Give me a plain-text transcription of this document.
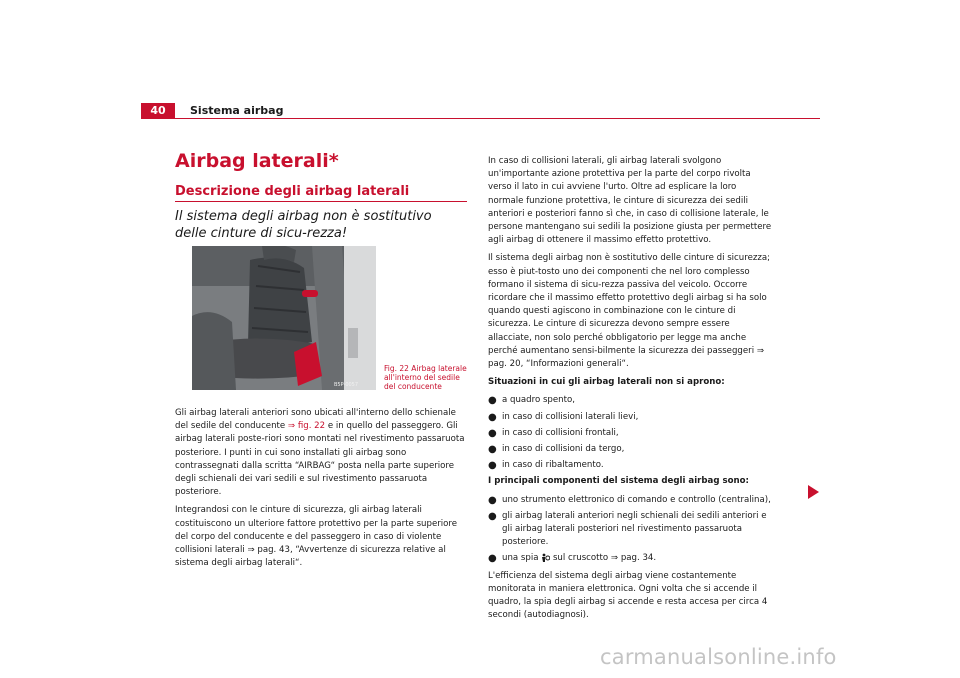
40	Sistema airbag
Airbag laterali*
Descrizione degli airbag laterali
Il sistema degli airbag non è sostitutivo delle cinture di sicu-rezza!
B5P-0057
Fig. 22 Airbag laterale all'interno del sedile del conducente

Gli airbag laterali anteriori sono ubicati all'interno dello schienale del sedile del conducente ⇒ fig. 22 e in quello del passeggero. Gli airbag laterali poste-riori sono montati nel rivestimento passaruota posteriore. I punti in cui sono installati gli airbag sono contrassegnati dalla scritta “AIRBAG“ posta nella parte superiore degli schienali dei vari sedili e sul rivestimento passaruota posteriore.

Integrandosi con le cinture di sicurezza, gli airbag laterali costituiscono un ulteriore fattore protettivo per la parte superiore del corpo del conducente e del passeggero in caso di violente collisioni laterali ⇒ pag. 43, “Avvertenze di sicurezza relative al sistema degli airbag laterali“.

In caso di collisioni laterali, gli airbag laterali svolgono un'importante azione protettiva per la parte del corpo rivolta verso il lato in cui avviene l'urto. Oltre ad esplicare la loro normale funzione protettiva, le cinture di sicurezza dei sedili anteriori e posteriori fanno sì che, in caso di collisione laterale, le persone mantengano sui sedili la posizione giusta per permettere agli airbag di ottenere il massimo effetto protettivo.

Il sistema degli airbag non è sostitutivo delle cinture di sicurezza; esso è piut-tosto uno dei componenti che nel loro complesso formano il sistema di sicu-rezza passiva del veicolo. Occorre ricordare che il massimo effetto protettivo degli airbag si ha solo quando questi agiscono in combinazione con le cinture di sicurezza. Le cinture di sicurezza devono sempre essere allacciate, non solo perché obbligatorio per legge ma anche perché aumentano sensi-bilmente la sicurezza dei passeggeri ⇒ pag. 20, “Informazioni generali“.

Situazioni in cui gli airbag laterali non si aprono:

● a quadro spento,
● in caso di collisioni laterali lievi,
● in caso di collisioni frontali,
● in caso di collisioni da tergo,
● in caso di ribaltamento.

I principali componenti del sistema degli airbag sono:

● uno strumento elettronico di comando e controllo (centralina),
● gli airbag laterali anteriori negli schienali dei sedili anteriori e gli airbag laterali posteriori nel rivestimento passaruota posteriore.
● una spia  sul cruscotto ⇒ pag. 34.

L'efficienza del sistema degli airbag viene costantemente monitorata in maniera elettronica. Ogni volta che si accende il quadro, la spia degli airbag si accende e resta accesa per circa 4 secondi (autodiagnosi).

carmanualsonline.info
